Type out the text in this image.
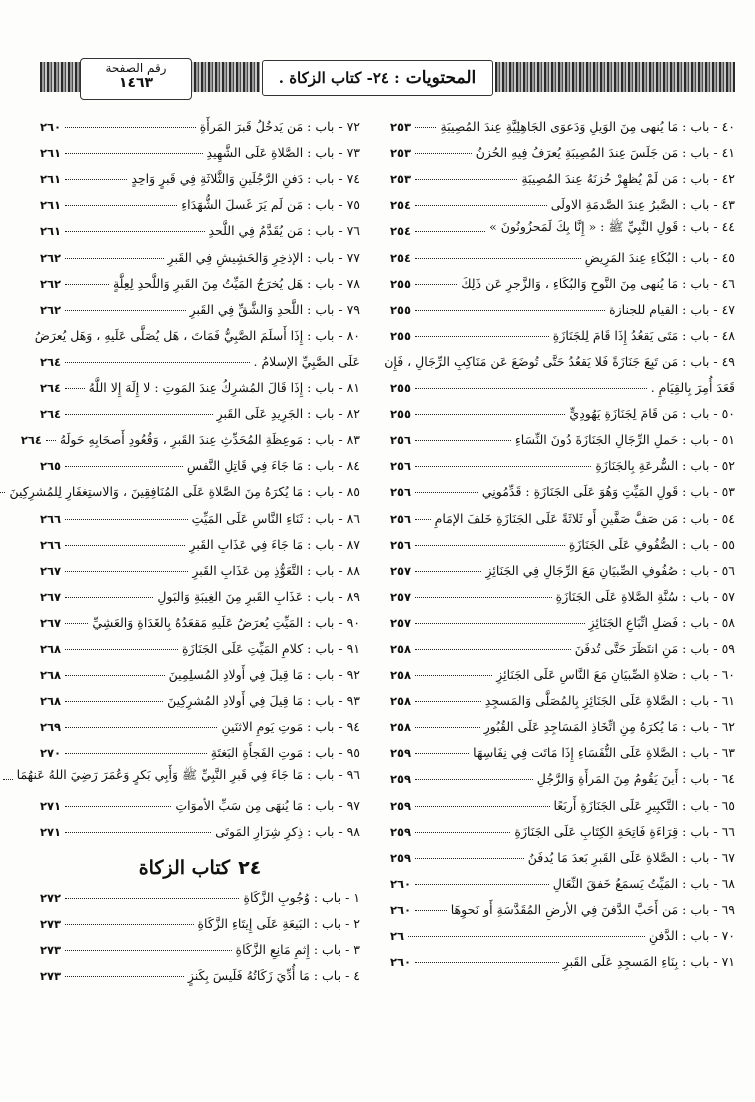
المحتويات
: ٢٤- كتاب الزكاة .
رقم الصفحة
١٤٦٣
٤٠ - باب : مَا يُنهى مِنَ الوَيلِ وَدَعوَى الجَاهِلِيَّةِ عِندَ المُصِيبَةِ
٢٥٣
٤١ - باب : مَن جَلَسَ عِندَ المُصِيبَةِ يُعرَفُ فِيهِ الحُزنُ
٢٥٣
٤٢ - باب : مَن لَمْ يُظهِرْ حُزنَهُ عِندَ المُصِيبَةِ
٢٥٣
٤٣ - باب : الصَّبرُ عِندَ الصَّدمَةِ الاولَى
٢٥٤
٤٤ - باب : قَولِ النَّبِيِّ ﷺ : « إِنَّا بِكَ لَمَحزُونُونَ »
٢٥٤
٤٥ - باب : البُكَاءِ عِندَ المَرِيضِ
٢٥٤
٤٦ - باب : مَا يُنهى مِنَ النَّوحِ وَالبُكَاءِ ، وَالزَّجرِ عَن ذَلِكَ
٢٥٥
٤٧ - باب : القيام للجنازة
٢٥٥
٤٨ - باب : مَتَى يَقعُدُ إِذَا قَامَ لِلجَنَازَةِ
٢٥٥
٤٩ - باب : مَن تَبِعَ جَنَازَةً فَلا يَقعُدُ حَتَّى تُوضَعَ عَن مَنَاكِبِ الرِّجَالِ ، فَإِن
قَعَدَ أُمِرَ بِالقِيَامِ .
٢٥٥
٥٠ - باب : مَن قَامَ لِجَنَازَةِ يَهُودِيٍّ
٢٥٥
٥١ - باب : حَملِ الرِّجَالِ الجَنَازَةَ دُونَ النِّسَاءِ
٢٥٦
٥٢ - باب : السُّرعَةِ بِالجَنَازَةِ
٢٥٦
٥٣ - باب : قَولِ المَيِّتِ وَهُوَ عَلَى الجَنَازَةِ : قَدِّمُونِي
٢٥٦
٥٤ - باب : مَن صَفَّ صَفَّينِ أَو ثَلاثَةً عَلَى الجَنَازَةِ خَلفَ الإمَامِ
٢٥٦
٥٥ - باب : الصُّفُوفِ عَلَى الجَنَازَةِ
٢٥٦
٥٦ - باب : صُفُوفِ الصِّبيَانِ مَعَ الرِّجَالِ فِي الجَنَائِزِ
٢٥٧
٥٧ - باب : سُنَّةِ الصَّلاةِ عَلَى الجَنَازَةِ
٢٥٧
٥٨ - باب : فَضلِ اتِّبَاعِ الجَنَائِزِ
٢٥٧
٥٩ - باب : مَنِ انتَظَرَ حَتَّى تُدفَنَ
٢٥٨
٦٠ - باب : صَلاةِ الصِّبيَانِ مَعَ النَّاسِ عَلَى الجَنَائِزِ
٢٥٨
٦١ - باب : الصَّلاةِ عَلَى الجَنَائِزِ بِالمُصَلَّى وَالمَسجِدِ
٢٥٨
٦٢ - باب : مَا يُكرَهُ مِنِ اتِّخَاذِ المَسَاجِدِ عَلَى القُبُورِ
٢٥٨
٦٣ - باب : الصَّلاةِ عَلَى النُّفَسَاءِ إِذَا مَاتَت فِي نِفَاسِهَا
٢٥٩
٦٤ - باب : أَينَ يَقُومُ مِنَ المَرأَةِ وَالرَّجُلِ
٢٥٩
٦٥ - باب : التَّكبِيرِ عَلَى الجَنَازَةِ أَربَعًا
٢٥٩
٦٦ - باب : قِرَاءَةِ فَاتِحَةِ الكِتَابِ عَلَى الجَنَازَةِ
٢٥٩
٦٧ - باب : الصَّلاةِ عَلَى القَبرِ بَعدَ مَا يُدفَنُ
٢٥٩
٦٨ - باب : المَيِّتُ يَسمَعُ خَفقَ النِّعَالِ
٢٦٠
٦٩ - باب : مَن أَحَبَّ الدَّفنَ فِي الأرضِ المُقَدَّسَةِ أَو نَحوِهَا
٢٦٠
٧٠ - باب : الدَّفنِ
٢٦
٧١ - باب : بِنَاءِ المَسجِدِ عَلَى القَبرِ
٢٦٠
٧٢ - باب : مَن يَدخُلُ قَبرَ المَرأَةِ
٢٦٠
٧٣ - باب : الصَّلاةِ عَلَى الشَّهِيدِ
٢٦١
٧٤ - باب : دَفنِ الرَّجُلَينِ وَالثَّلاثَةِ فِي قَبرٍ وَاحِدٍ
٢٦١
٧٥ - باب : مَن لَم يَرَ غَسلَ الشُّهَدَاءِ
٢٦١
٧٦ - باب : مَن يُقَدَّمُ فِي اللَّحدِ
٢٦١
٧٧ - باب : الإذخِرِ وَالحَشِيشِ فِي القَبرِ
٢٦٢
٧٨ - باب : هَل يُخرَجُ المَيِّتُ مِنَ القَبرِ وَاللَّحدِ لِعِلَّةٍ
٢٦٢
٧٩ - باب : اللَّحدِ وَالشَّقِّ فِي القَبرِ
٢٦٢
٨٠ - باب : إِذَا أَسلَمَ الصَّبِيُّ فَمَاتَ ، هَل يُصَلَّى عَلَيهِ ، وَهَل يُعرَضُ
عَلَى الصَّبِيِّ الإسلامُ .
٢٦٤
٨١ - باب : إِذَا قَالَ المُشرِكُ عِندَ المَوتِ : لا إِلَهَ إِلا اللَّهُ
٢٦٤
٨٢ - باب : الجَرِيدِ عَلَى القَبرِ
٢٦٤
٨٣ - باب : مَوعِظَةِ المُحَدِّثِ عِندَ القَبرِ ، وَقُعُودِ أَصحَابِهِ حَولَهُ
٢٦٤
٨٤ - باب : مَا جَاءَ فِي قَاتِلِ النَّفسِ
٢٦٥
٨٥ - باب : مَا يُكرَهُ مِنَ الصَّلاةِ عَلَى المُنَافِقِينَ ، وَالاستِغفَارِ لِلمُشرِكِينَ
٨٦ - باب : ثَنَاءِ النَّاسِ عَلَى المَيِّتِ
٢٦٦
٨٧ - باب : مَا جَاءَ فِي عَذَابِ القَبرِ
٢٦٦
٨٨ - باب : التَّعَوُّذِ مِن عَذَابِ القَبرِ
٢٦٧
٨٩ - باب : عَذَابِ القَبرِ مِنَ الغِيبَةِ وَالبَولِ
٢٦٧
٩٠ - باب : المَيِّتِ يُعرَضُ عَلَيهِ مَقعَدُهُ بِالغَدَاةِ وَالعَشِيِّ
٢٦٧
٩١ - باب : كلامِ المَيِّتِ عَلَى الجَنَازَةِ
٢٦٨
٩٢ - باب : مَا قِيلَ فِي أَولادِ المُسلِمِينَ
٢٦٨
٩٣ - باب : مَا قِيلَ فِي أَولادِ المُشرِكِينَ
٢٦٨
٩٤ - باب : مَوتِ يَومِ الاثنَينِ
٢٦٩
٩٥ - باب : مَوتِ الفَجأَةِ البَغتَةِ
٢٧٠
٩٦ - باب : مَا جَاءَ فِي قَبرِ النَّبِيِّ ﷺ وَأَبِي بَكرٍ وَعُمَرَ رَضِيَ اللهُ عَنهُمَا
٩٧ - باب : مَا يُنهَى مِن سَبِّ الأموَاتِ
٢٧١
٩٨ - باب : ذِكرِ شِرَارِ المَوتَى
٢٧١
٢٤
كتاب الزكاة
١ - باب : وُجُوبِ الزَّكَاةِ
٢٧٢
٢ - باب : البَيعَةِ عَلَى إِيتَاءِ الزَّكَاةِ
٢٧٣
٣ - باب : إِثمِ مَانِعِ الزَّكَاةِ
٢٧٣
٤ - باب : مَا أُدِّيَ زَكَاتُهُ فَلَيسَ بِكَنزٍ
٢٧٣
